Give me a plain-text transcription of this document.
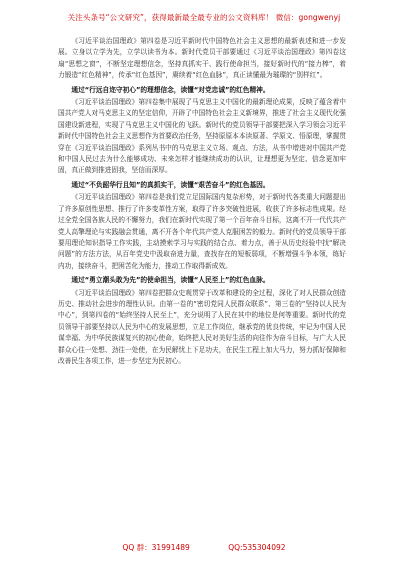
关注头条号“公文研究”，获得最新最全最专业的公文资料库！ 微信：gongwenyj

《习近平谈治国理政》第四卷是习近平新时代中国特色社会主义思想的最新表述和进一步发展。立身以立学为先，立学以读书为本。新时代党员干部要通过《习近平谈治国理政》第四卷这扇“思想之窗”，不断坚定理想信念，坚持真抓实干、践行使命担当，接好新时代的“接力棒”，着力锻造“红色精神”，传承“红色基因”，赓续着“红色血脉”，真正读懂最为璀璨的“别样红”。

通过“行远自迩守初心”的理想信念，读懂“对党忠诚”的红色精神。

《习近平谈治国理政》第四卷集中展现了马克思主义中国化的最新理论成果，反映了蕴含着中国共产党人对马克思主义的坚定信仰，开辟了中国特色社会主义新境界，推进了社会主义现代化强国建设新进程，实现了马克思主义中国化的飞跃。新时代的党员领导干部要把深入学习领会习近平新时代中国特色社会主义思想作为首要政治任务，坚持原原本本读原著、学原文、悟原理，掌握贯穿在《习近平谈治国理政》系列丛书中的马克思主义立场、观点、方法，从书中增进对中国共产党和中国人民过去为什么能够成功、未来怎样才能继续成功的认识，让理想更为坚定、信念更加牢固，真正做到推进固我，坚信而深厚。

通过“不负韶华行且知”的真抓实干，读懂“艰苦奋斗”的红色基因。

《习近平谈治国理政》第四卷是我们党立足国际国内复杂形势，对于新时代各类重大问题提出了许多原创性思想、推行了许多变革性方案，取得了许多突破性进展，收获了许多标志性成果。经过全党全国各族人民的不懈努力，我们在新时代实现了第一个百年奋斗目标，这离不开一代代共产党人高擎理论与实践融会贯通，离不开各个年代共产党人克服困苦的毅力。新时代的党员领导干部要用理论知识指导工作实践，主动摸索学习与实践的结合点、着力点，善于从历史经验中找“解决问题”的方法方法，从百年党史中汲取奋进力量，查找存在的短板弱项，不断增强斗争本领，练好内功，接续奋斗，把困苦化为能力，推动工作取得新成效。

通过“勇立潮头敢为先”的使命担当，读懂“人民至上”的红色血脉。

《习近平谈治国理政》第四卷把群众史观贯穿于改革和建设的全过程，深化了对人民群众创造历史、推动社会进步的理性认识。由第一卷的“密切党同人民群众联系”、第三卷的“坚持以人民为中心”，到第四卷的“始终坚持人民至上”，充分说明了人民在其中的地位是何等重要。新时代的党员领导干部要坚持以人民为中心的发展思想，立足工作岗位，继承党的优良传统，牢记为中国人民谋幸福、为中华民族谋复兴的初心使命，始终把人民对美好生活的向往作为奋斗目标，与广大人民群众心往一处想、劲往一处使，在为民解忧上下足功夫，在民生工程上加大马力，努力抓好保障和改善民生各项工作，进一步坚定为民初心。

QQ 群：31991489	QQ:535304092
